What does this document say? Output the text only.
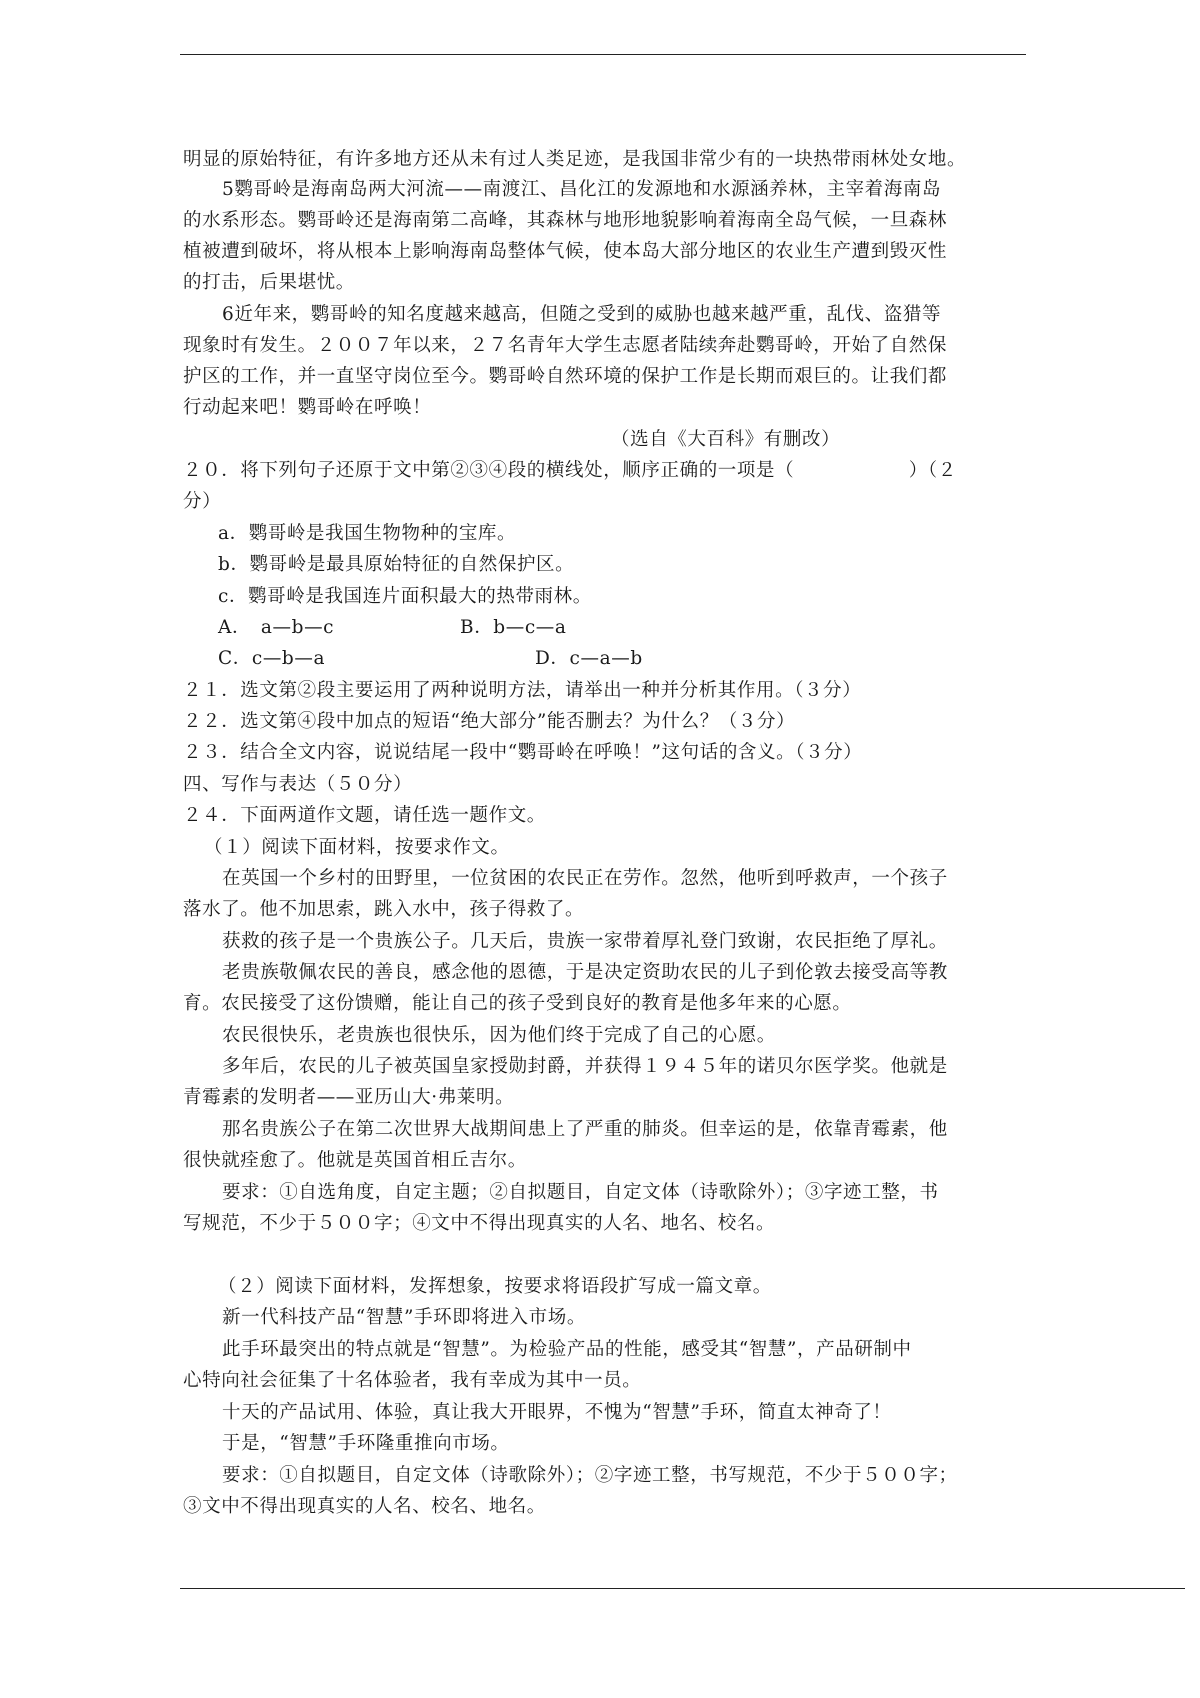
明显的原始特征，有许多地方还从未有过人类足迹，是我国非常少有的一块热带雨林处女地。
5鹦哥岭是海南岛两大河流——南渡江、昌化江的发源地和水源涵养林，主宰着海南岛
的水系形态。鹦哥岭还是海南第二高峰，其森林与地形地貌影响着海南全岛气候，一旦森林
植被遭到破坏，将从根本上影响海南岛整体气候，使本岛大部分地区的农业生产遭到毁灭性
的打击，后果堪忧。
6近年来，鹦哥岭的知名度越来越高，但随之受到的威胁也越来越严重，乱伐、盗猎等
现象时有发生。２００７年以来，２７名青年大学生志愿者陆续奔赴鹦哥岭，开始了自然保
护区的工作，并一直坚守岗位至今。鹦哥岭自然环境的保护工作是长期而艰巨的。让我们都
行动起来吧！鹦哥岭在呼唤！
（选自《大百科》有删改）
２０．将下列句子还原于文中第②③④段的横线处，顺序正确的一项是（　　　　　　）（２
分）
a．鹦哥岭是我国生物物种的宝库。
b．鹦哥岭是最具原始特征的自然保护区。
c．鹦哥岭是我国连片面积最大的热带雨林。
A．　a—b—c	B．b—c—a
C．c—b—a	D．c—a—b
２１．选文第②段主要运用了两种说明方法，请举出一种并分析其作用。（３分）
２２．选文第④段中加点的短语“绝大部分”能否删去？为什么？（３分）
２３．结合全文内容，说说结尾一段中“鹦哥岭在呼唤！”这句话的含义。（３分）
四、写作与表达（５０分）
２４．下面两道作文题，请任选一题作文。
（１）阅读下面材料，按要求作文。
在英国一个乡村的田野里，一位贫困的农民正在劳作。忽然，他听到呼救声，一个孩子
落水了。他不加思索，跳入水中，孩子得救了。
获救的孩子是一个贵族公子。几天后，贵族一家带着厚礼登门致谢，农民拒绝了厚礼。
老贵族敬佩农民的善良，感念他的恩德，于是决定资助农民的儿子到伦敦去接受高等教
育。农民接受了这份馈赠，能让自己的孩子受到良好的教育是他多年来的心愿。
农民很快乐，老贵族也很快乐，因为他们终于完成了自己的心愿。
多年后，农民的儿子被英国皇家授勋封爵，并获得１９４５年的诺贝尔医学奖。他就是
青霉素的发明者——亚历山大·弗莱明。
那名贵族公子在第二次世界大战期间患上了严重的肺炎。但幸运的是，依靠青霉素，他
很快就痊愈了。他就是英国首相丘吉尔。
要求：①自选角度，自定主题；②自拟题目，自定文体（诗歌除外）；③字迹工整，书
写规范，不少于５００字；④文中不得出现真实的人名、地名、校名。
（２）阅读下面材料，发挥想象，按要求将语段扩写成一篇文章。
新一代科技产品“智慧”手环即将进入市场。
此手环最突出的特点就是“智慧”。为检验产品的性能，感受其“智慧”，产品研制中
心特向社会征集了十名体验者，我有幸成为其中一员。
十天的产品试用、体验，真让我大开眼界，不愧为“智慧”手环，简直太神奇了！
于是，“智慧”手环隆重推向市场。
要求：①自拟题目，自定文体（诗歌除外）；②字迹工整，书写规范，不少于５００字；
③文中不得出现真实的人名、校名、地名。
